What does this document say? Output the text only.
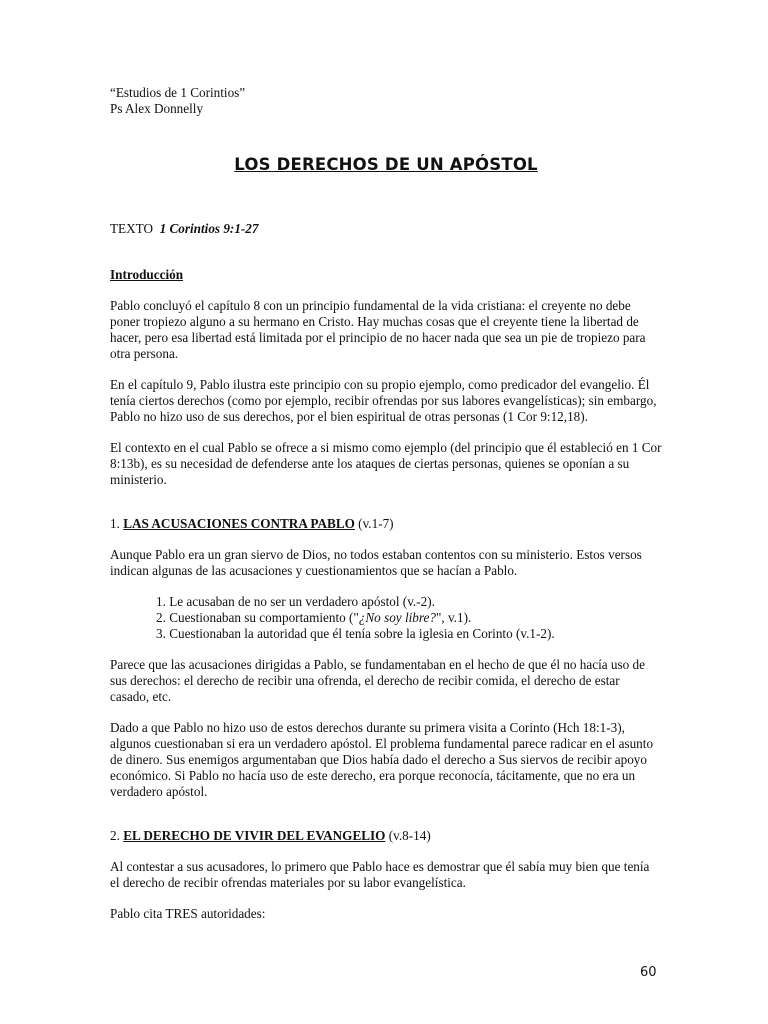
“Estudios de 1 Corintios”
Ps Alex Donnelly

LOS DERECHOS DE UN APÓSTOL

TEXTO 1 Corintios 9:1-27

Introducción

Pablo concluyó el capítulo 8 con un principio fundamental de la vida cristiana: el creyente no debe poner tropiezo alguno a su hermano en Cristo. Hay muchas cosas que el creyente tiene la libertad de hacer, pero esa libertad está limitada por el principio de no hacer nada que sea un pie de tropiezo para otra persona.

En el capítulo 9, Pablo ilustra este principio con su propio ejemplo, como predicador del evangelio. Él tenía ciertos derechos (como por ejemplo, recibir ofrendas por sus labores evangelísticas); sin embargo, Pablo no hizo uso de sus derechos, por el bien espiritual de otras personas (1 Cor 9:12,18).

El contexto en el cual Pablo se ofrece a si mismo como ejemplo (del principio que él estableció en 1 Cor 8:13b), es su necesidad de defenderse ante los ataques de ciertas personas, quienes se oponían a su ministerio.

1. LAS ACUSACIONES CONTRA PABLO (v.1-7)

Aunque Pablo era un gran siervo de Dios, no todos estaban contentos con su ministerio. Estos versos indican algunas de las acusaciones y cuestionamientos que se hacían a Pablo.

1. Le acusaban de no ser un verdadero apóstol (v.-2).
2. Cuestionaban su comportamiento ("¿No soy libre?", v.1).
3. Cuestionaban la autoridad que él tenía sobre la iglesia en Corinto (v.1-2).

Parece que las acusaciones dirigidas a Pablo, se fundamentaban en el hecho de que él no hacía uso de sus derechos: el derecho de recibir una ofrenda, el derecho de recibir comida, el derecho de estar casado, etc.

Dado a que Pablo no hizo uso de estos derechos durante su primera visita a Corinto (Hch 18:1-3), algunos cuestionaban si era un verdadero apóstol. El problema fundamental parece radicar en el asunto de dinero. Sus enemigos argumentaban que Dios había dado el derecho a Sus siervos de recibir apoyo económico. Si Pablo no hacía uso de este derecho, era porque reconocía, tácitamente, que no era un verdadero apóstol.

2. EL DERECHO DE VIVIR DEL EVANGELIO (v.8-14)

Al contestar a sus acusadores, lo primero que Pablo hace es demostrar que él sabía muy bien que tenía el derecho de recibir ofrendas materiales por su labor evangelística.

Pablo cita TRES autoridades:

60
